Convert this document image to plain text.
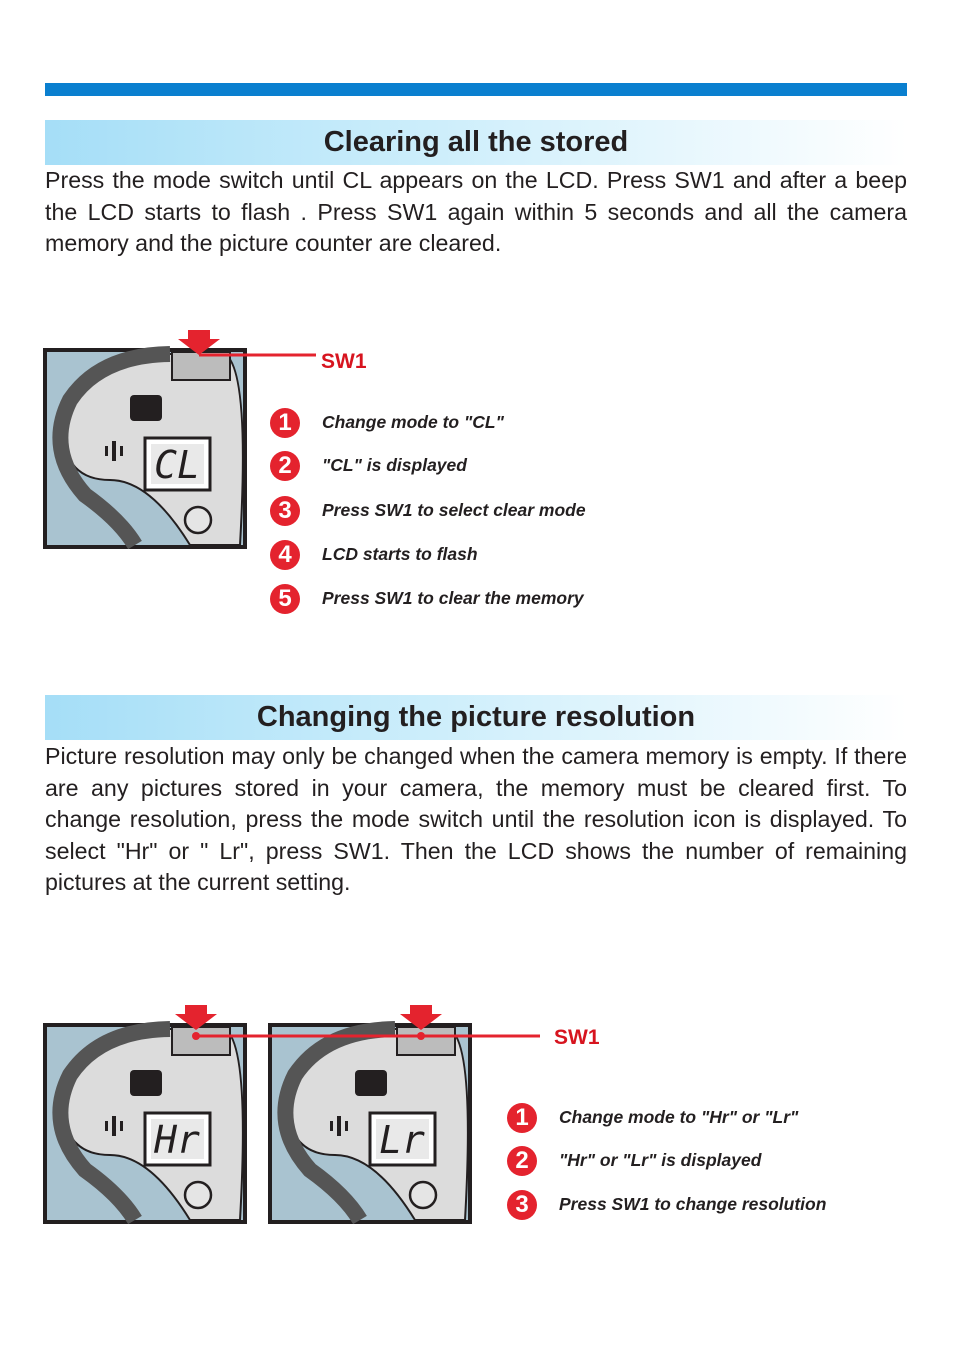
Clearing all the stored

Press the mode switch until CL appears on the LCD. Press SW1 and after a beep the LCD starts to flash . Press SW1 again within 5 seconds and all the camera memory and the picture counter are cleared.

CL
SW1
1	Change mode to "CL"
2	"CL" is displayed
3	Press SW1 to select clear mode
4	LCD starts to flash
5	Press SW1 to clear the memory
Changing the picture resolution

Picture resolution may only be changed when the camera memory is empty. If there are any pictures stored in your camera, the memory must be cleared first. To change resolution, press the mode switch until the resolution icon is displayed. To select "Hr" or " Lr", press SW1. Then the LCD shows the number of remaining pictures at the current setting.

Hr	Lr
SW1
1	Change mode to "Hr" or "Lr"
2	"Hr" or "Lr" is displayed
3	Press SW1 to change resolution
